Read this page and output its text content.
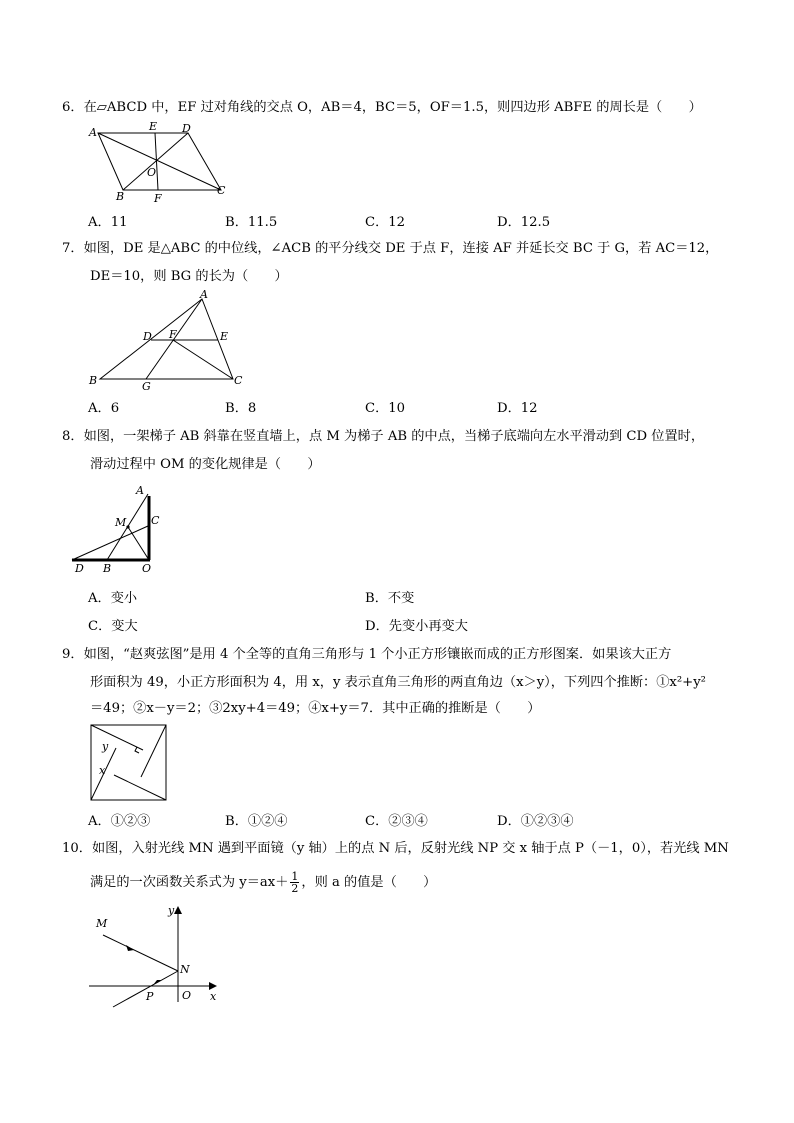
6．在▱ABCD 中，EF 过对角线的交点 O，AB＝4，BC＝5，OF＝1.5，则四边形 ABFE 的周长是（　　）
A	E D
O
B	F
C
A．11	B．11.5	C．12	D．12.5
7．如图，DE 是△ABC 的中位线，∠ACB 的平分线交 DE 于点 F，连接 AF 并延长交 BC 于 G，若 AC＝12，
DE＝10，则 BG 的长为（　　）
A
D F	E
B	G	C
A．6	B．8	C．10	D．12
8．如图，一架梯子 AB 斜靠在竖直墙上，点 M 为梯子 AB 的中点，当梯子底端向左水平滑动到 CD 位置时，
滑动过程中 OM 的变化规律是（　　）
A
C
M
D B	O
A．变小	B．不变
C．变大	D．先变小再变大
9．如图，“赵爽弦图”是用 4 个全等的直角三角形与 1 个小正方形镶嵌而成的正方形图案．如果该大正方
形面积为 49，小正方形面积为 4，用 x，y 表示直角三角形的两直角边（x＞y），下列四个推断：①x²+y²
＝49；②x－y＝2；③2xy+4＝49；④x+y＝7．其中正确的推断是（　　）
y
x
A．①②③	B．①②④	C．②③④	D．①②③④
10．如图，入射光线 MN 遇到平面镜（y 轴）上的点 N 后，反射光线 NP 交 x 轴于点 P（－1，0），若光线 MN
满足的一次函数关系式为 $y=ax+ \frac{1}{2}$ ，则 a 的值是（　　）
M
N
P	O x
y
